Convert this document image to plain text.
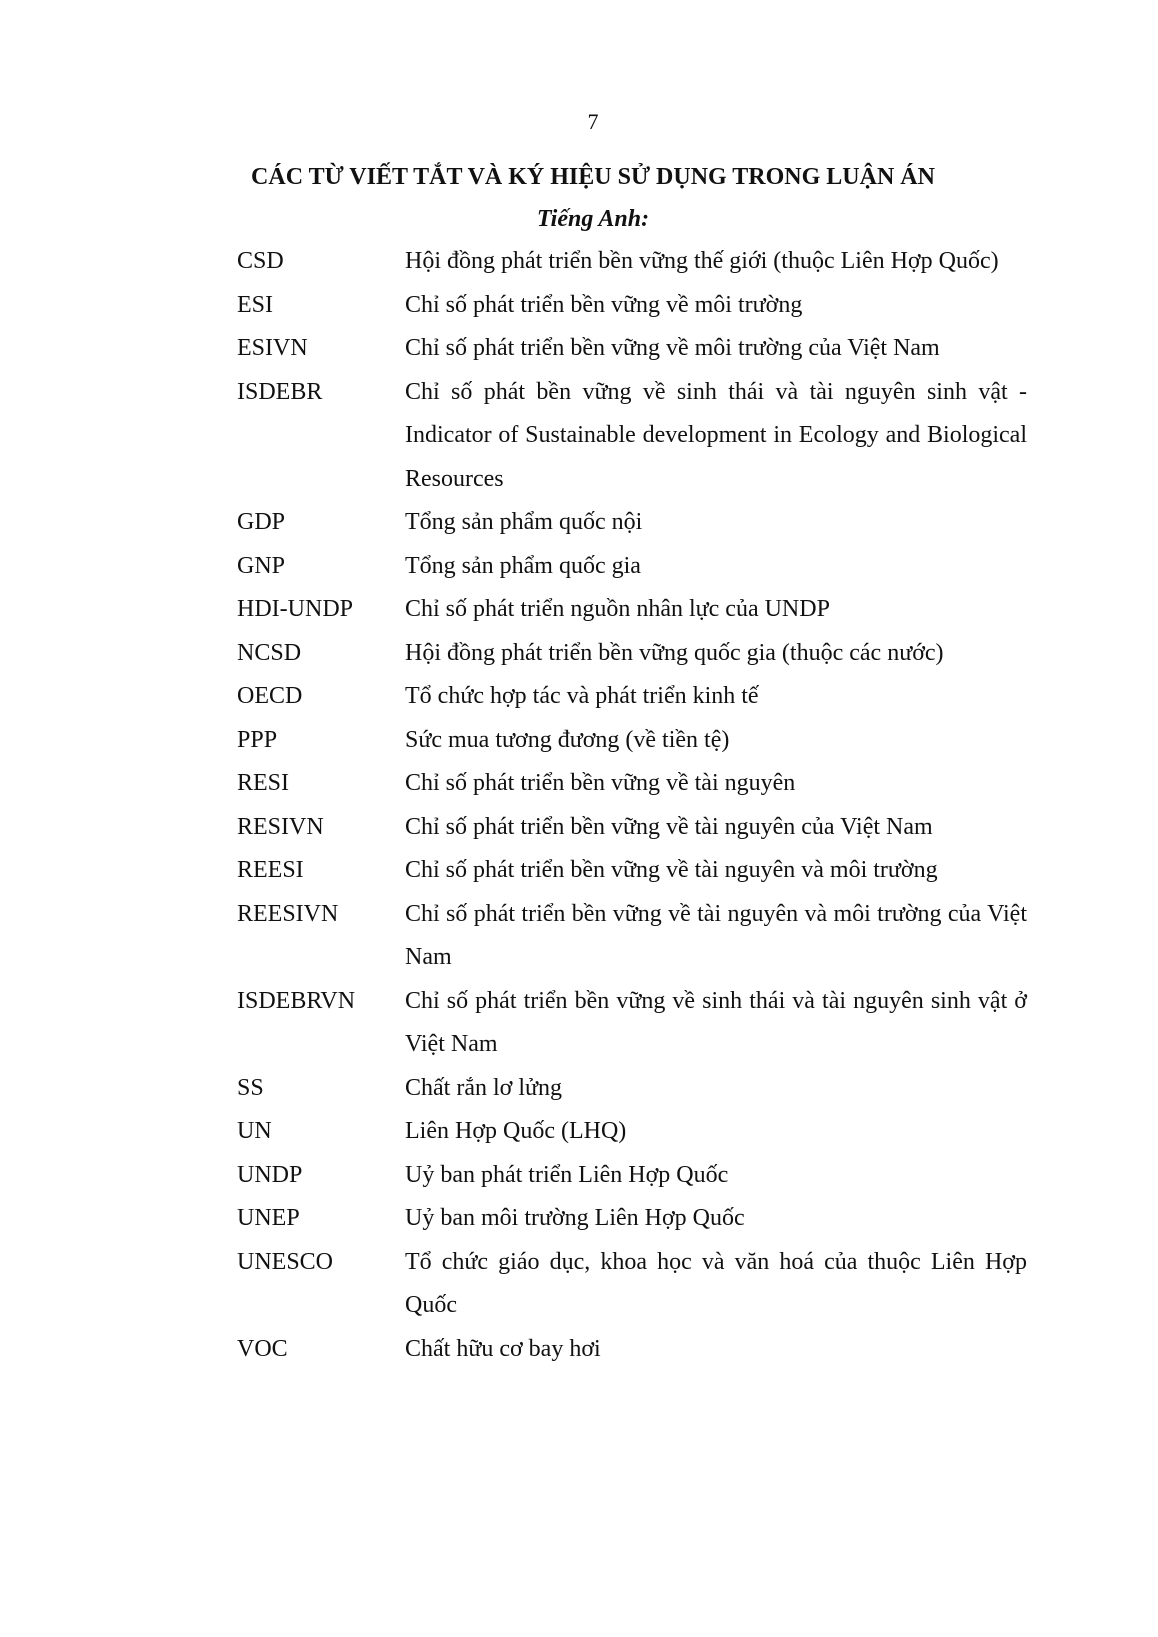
7
CÁC TỪ VIẾT TẮT VÀ KÝ HIỆU SỬ DỤNG TRONG LUẬN ÁN
Tiếng Anh:
CSD	Hội đồng phát triển bền vững thế giới (thuộc Liên Hợp Quốc)
ESI	Chỉ số phát triển bền vững về môi trường
ESIVN	Chỉ số phát triển bền vững về môi trường của Việt Nam
ISDEBR	Chỉ số phát bền vững về sinh thái và tài nguyên sinh vật - Indicator of Sustainable development in Ecology and Biological Resources
GDP	Tổng sản phẩm quốc nội
GNP	Tổng sản phẩm quốc gia
HDI-UNDP	Chỉ số phát triển nguồn nhân lực của UNDP
NCSD	Hội đồng phát triển bền vững quốc gia (thuộc các nước)
OECD	Tổ chức hợp tác và phát triển kinh tế
PPP	Sức mua tương đương (về tiền tệ)
RESI	Chỉ số phát triển bền vững về tài nguyên
RESIVN	Chỉ số phát triển bền vững về tài nguyên của Việt Nam
REESI	Chỉ số phát triển bền vững về tài nguyên và môi trường
REESIVN	Chỉ số phát triển bền vững về tài nguyên và môi trường của Việt Nam
ISDEBRVN	Chỉ số phát triển bền vững về sinh thái và tài nguyên sinh vật ở Việt Nam
SS	Chất rắn lơ lửng
UN	Liên Hợp Quốc (LHQ)
UNDP	Uỷ ban phát triển Liên Hợp Quốc
UNEP	Uỷ ban môi trường Liên Hợp Quốc
UNESCO	Tổ chức giáo dục, khoa học và văn hoá của thuộc Liên Hợp Quốc
VOC	Chất hữu cơ bay hơi
